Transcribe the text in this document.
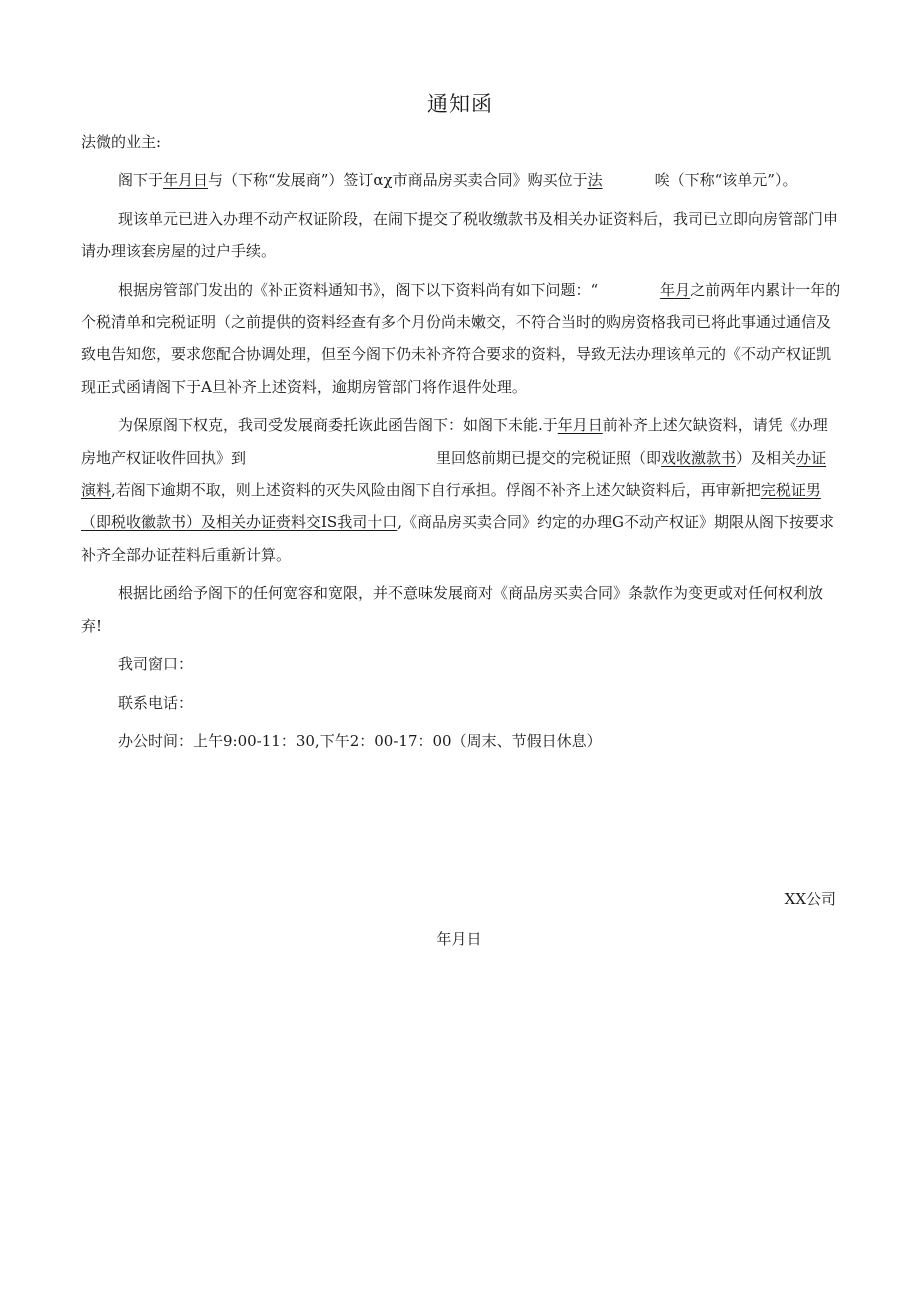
通知函

法微的业主:

阁下于年月日与（下称“发展商”）签订αχ市商品房买卖合同》购买位于法	唉（下称“该单元”）。

现该单元已进入办理不动产权证阶段，在闹下提交了税收缴款书及相关办证资料后，我司已立即向房管部门申请办理该套房屋的过户手续。

根据房管部门发出的《补正资料通知书》，阁下以下资料尚有如下问题：“	年月之前两年内累计一年的个税清单和完税证明（之前提供的资料经查有多个月份尚未嫩交，不符合当时的购房资格我司已将此事通过通信及致电告知您，要求您配合协调处理，但至今阁下仍未补齐符合要求的资料，导致无法办理该单元的《不动产权证凯现正式函请阁下于A旦补齐上述资料，逾期房管部门将作退件处理。

为保原阁下权克，我司受发展商委托诙此函告阁下：如阁下未能.于年月日前补齐上述欠缺资料，请凭《办理房地产权证收件回执》到	里回悠前期已提交的完税证照（即戏收激款书）及相关办证演料,若阁下逾期不取，则上述资料的灭失风险由阁下自行承担。俘阁不补齐上述欠缺资料后，再审新把完税证男（即税收徽款书）及相关办证赍料交IS我司十口,《商品房买卖合同》约定的办理G不动产权证》期限从阁下按要求补齐全部办证茬料后重新计算。

根据比函给予阁下的任何宽容和宽限，并不意味发展商对《商品房买卖合同》条款作为变更或对任何权利放弃!

我司窗口：

联系电话：

办公时间：上午9:00-11：30,下午2：00-17：00（周末、节假日休息）

XX公司
年月日
